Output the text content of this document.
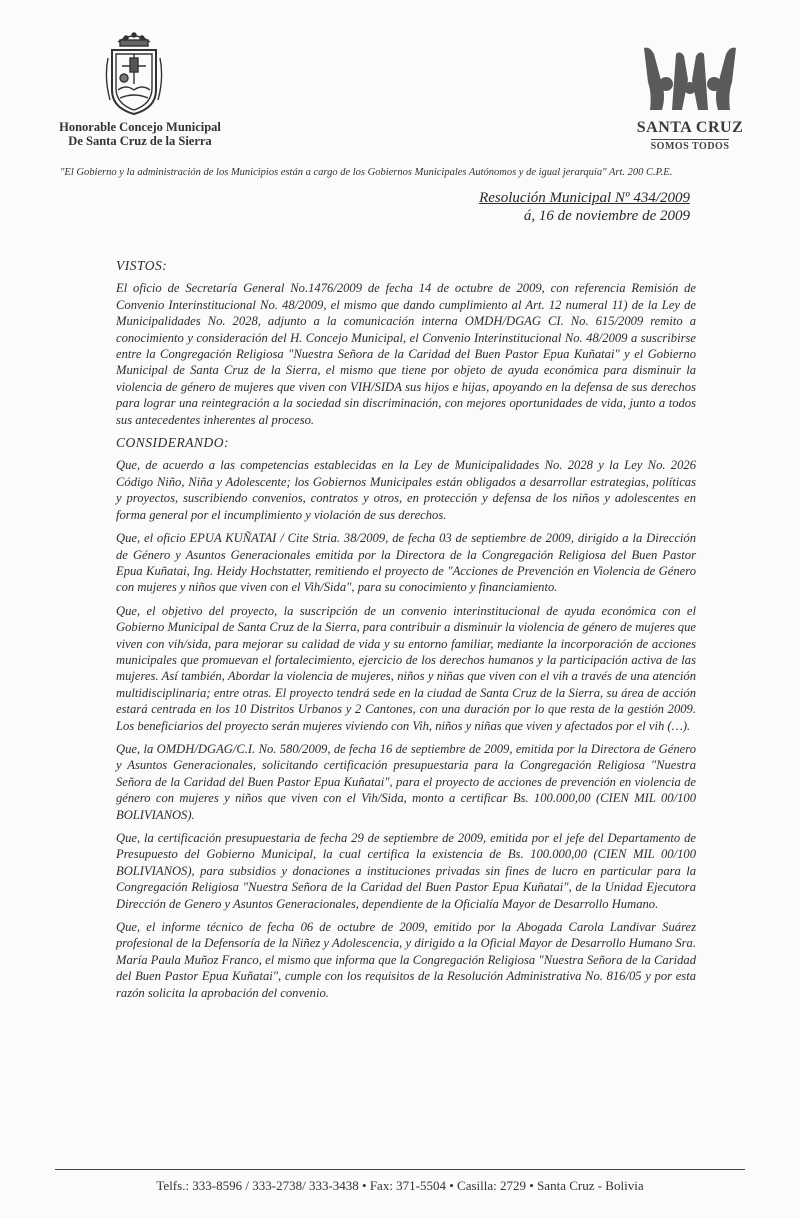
Honorable Concejo Municipal
De Santa Cruz de la Sierra
SANTA CRUZ
SOMOS TODOS
"El Gobierno y la administración de los Municipios están a cargo de los Gobiernos Municipales Autónomos y de igual jerarquía" Art. 200 C.P.E.
Resolución Municipal Nº 434/2009
á, 16 de noviembre de 2009
VISTOS:

El oficio de Secretaría General No.1476/2009 de fecha 14 de octubre de 2009, con referencia Remisión de Convenio Interinstitucional No. 48/2009, el mismo que dando cumplimiento al Art. 12 numeral 11) de la Ley de Municipalidades No. 2028, adjunto a la comunicación interna OMDH/DGAG CI. No. 615/2009 remito a conocimiento y consideración del H. Concejo Municipal, el Convenio Interinstitucional No. 48/2009 a suscribirse entre la Congregación Religiosa "Nuestra Señora de la Caridad del Buen Pastor Epua Kuñatai" y el Gobierno Municipal de Santa Cruz de la Sierra, el mismo que tiene por objeto de ayuda económica para disminuir la violencia de género de mujeres que viven con VIH/SIDA sus hijos e hijas, apoyando en la defensa de sus derechos para lograr una reintegración a la sociedad sin discriminación, con mejores oportunidades de vida, junto a todos sus antecedentes inherentes al proceso.

CONSIDERANDO:

Que, de acuerdo a las competencias establecidas en la Ley de Municipalidades No. 2028 y la Ley No. 2026 Código Niño, Niña y Adolescente; los Gobiernos Municipales están obligados a desarrollar estrategias, políticas y proyectos, suscribiendo convenios, contratos y otros, en protección y defensa de los niños y adolescentes en forma general por el incumplimiento y violación de sus derechos.

Que, el oficio EPUA KUÑATAI / Cite Stria. 38/2009, de fecha 03 de septiembre de 2009, dirigido a la Dirección de Género y Asuntos Generacionales emitida por la Directora de la Congregación Religiosa del Buen Pastor Epua Kuñatai, Ing. Heidy Hochstatter, remitiendo el proyecto de "Acciones de Prevención en Violencia de Género con mujeres y niños que viven con el Vih/Sida", para su conocimiento y financiamiento.

Que, el objetivo del proyecto, la suscripción de un convenio interinstitucional de ayuda económica con el Gobierno Municipal de Santa Cruz de la Sierra, para contribuir a disminuir la violencia de género de mujeres que viven con vih/sida, para mejorar su calidad de vida y su entorno familiar, mediante la incorporación de acciones municipales que promuevan el fortalecimiento, ejercicio de los derechos humanos y la participación activa de las mujeres. Así también, Abordar la violencia de mujeres, niños y niñas que viven con el vih a través de una atención multidisciplinaria; entre otras. El proyecto tendrá sede en la ciudad de Santa Cruz de la Sierra, su área de acción estará centrada en los 10 Distritos Urbanos y 2 Cantones, con una duración por lo que resta de la gestión 2009. Los beneficiarios del proyecto serán mujeres viviendo con Vih, niños y niñas que viven y afectados por el vih (…).

Que, la OMDH/DGAG/C.I. No. 580/2009, de fecha 16 de septiembre de 2009, emitida por la Directora de Género y Asuntos Generacionales, solicitando certificación presupuestaria para la Congregación Religiosa "Nuestra Señora de la Caridad del Buen Pastor Epua Kuñatai", para el proyecto de acciones de prevención en violencia de género con mujeres y niños que viven con el Vih/Sida, monto a certificar Bs. 100.000,00 (CIEN MIL 00/100 BOLIVIANOS).

Que, la certificación presupuestaria de fecha 29 de septiembre de 2009, emitida por el jefe del Departamento de Presupuesto del Gobierno Municipal, la cual certifica la existencia de Bs. 100.000,00 (CIEN MIL 00/100 BOLIVIANOS), para subsidios y donaciones a instituciones privadas sin fines de lucro en particular para la Congregación Religiosa "Nuestra Señora de la Caridad del Buen Pastor Epua Kuñatai", de la Unidad Ejecutora Dirección de Genero y Asuntos Generacionales, dependiente de la Oficialía Mayor de Desarrollo Humano.

Que, el informe técnico de fecha 06 de octubre de 2009, emitido por la Abogada Carola Landivar Suárez profesional de la Defensoría de la Niñez y Adolescencia, y dirigido a la Oficial Mayor de Desarrollo Humano Sra. María Paula Muñoz Franco, el mismo que informa que la Congregación Religiosa "Nuestra Señora de la Caridad del Buen Pastor Epua Kuñatai", cumple con los requisitos de la Resolución Administrativa No. 816/05 y por esta razón solicita la aprobación del convenio.

Telfs.: 333-8596 / 333-2738/ 333-3438 • Fax: 371-5504 • Casilla: 2729 • Santa Cruz - Bolivia
